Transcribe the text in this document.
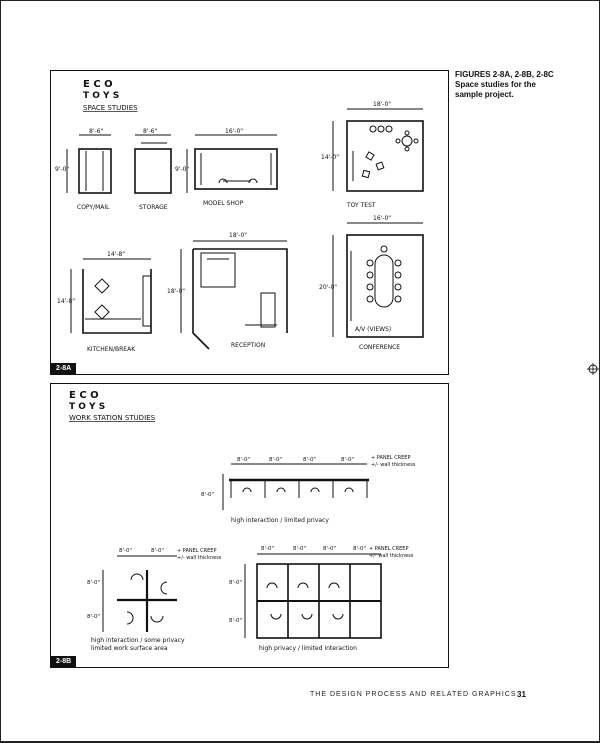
E C O
T O Y S
SPACE STUDIES
8'-6"
9'-0"
COPY/MAIL
8'-6"
9'-0"
STORAGE
16'-0"
MODEL SHOP
18'-0"
14'-0"
TOY TEST
14'-8"
14'-8"
KITCHEN/BREAK
18'-0"
18'-0"
RECEPTION
16'-0"
20'-0"
A/V (VIEWS)
CONFERENCE
2-8A
E C O
T O Y S
WORK STATION STUDIES
8'-0"	8'-0"	8'-0"	8'-0"
8'-0"
+ PANEL CREEP
+/- wall thickness
high interaction / limited privacy
8'-0"	8'-0"
8'-0"
8'-0"
+ PANEL CREEP
+/- wall thickness
high interaction / some privacy
limited work surface area
8'-0"	8'-0"	8'-0"	8'-0"
8'-0"
8'-0"
+ PANEL CREEP
+/- wall thickness
high privacy / limited interaction
2-8B
FIGURES 2-8A, 2-8B, 2-8C
Space studies for the sample project.
THE DESIGN PROCESS AND RELATED GRAPHICS 31
